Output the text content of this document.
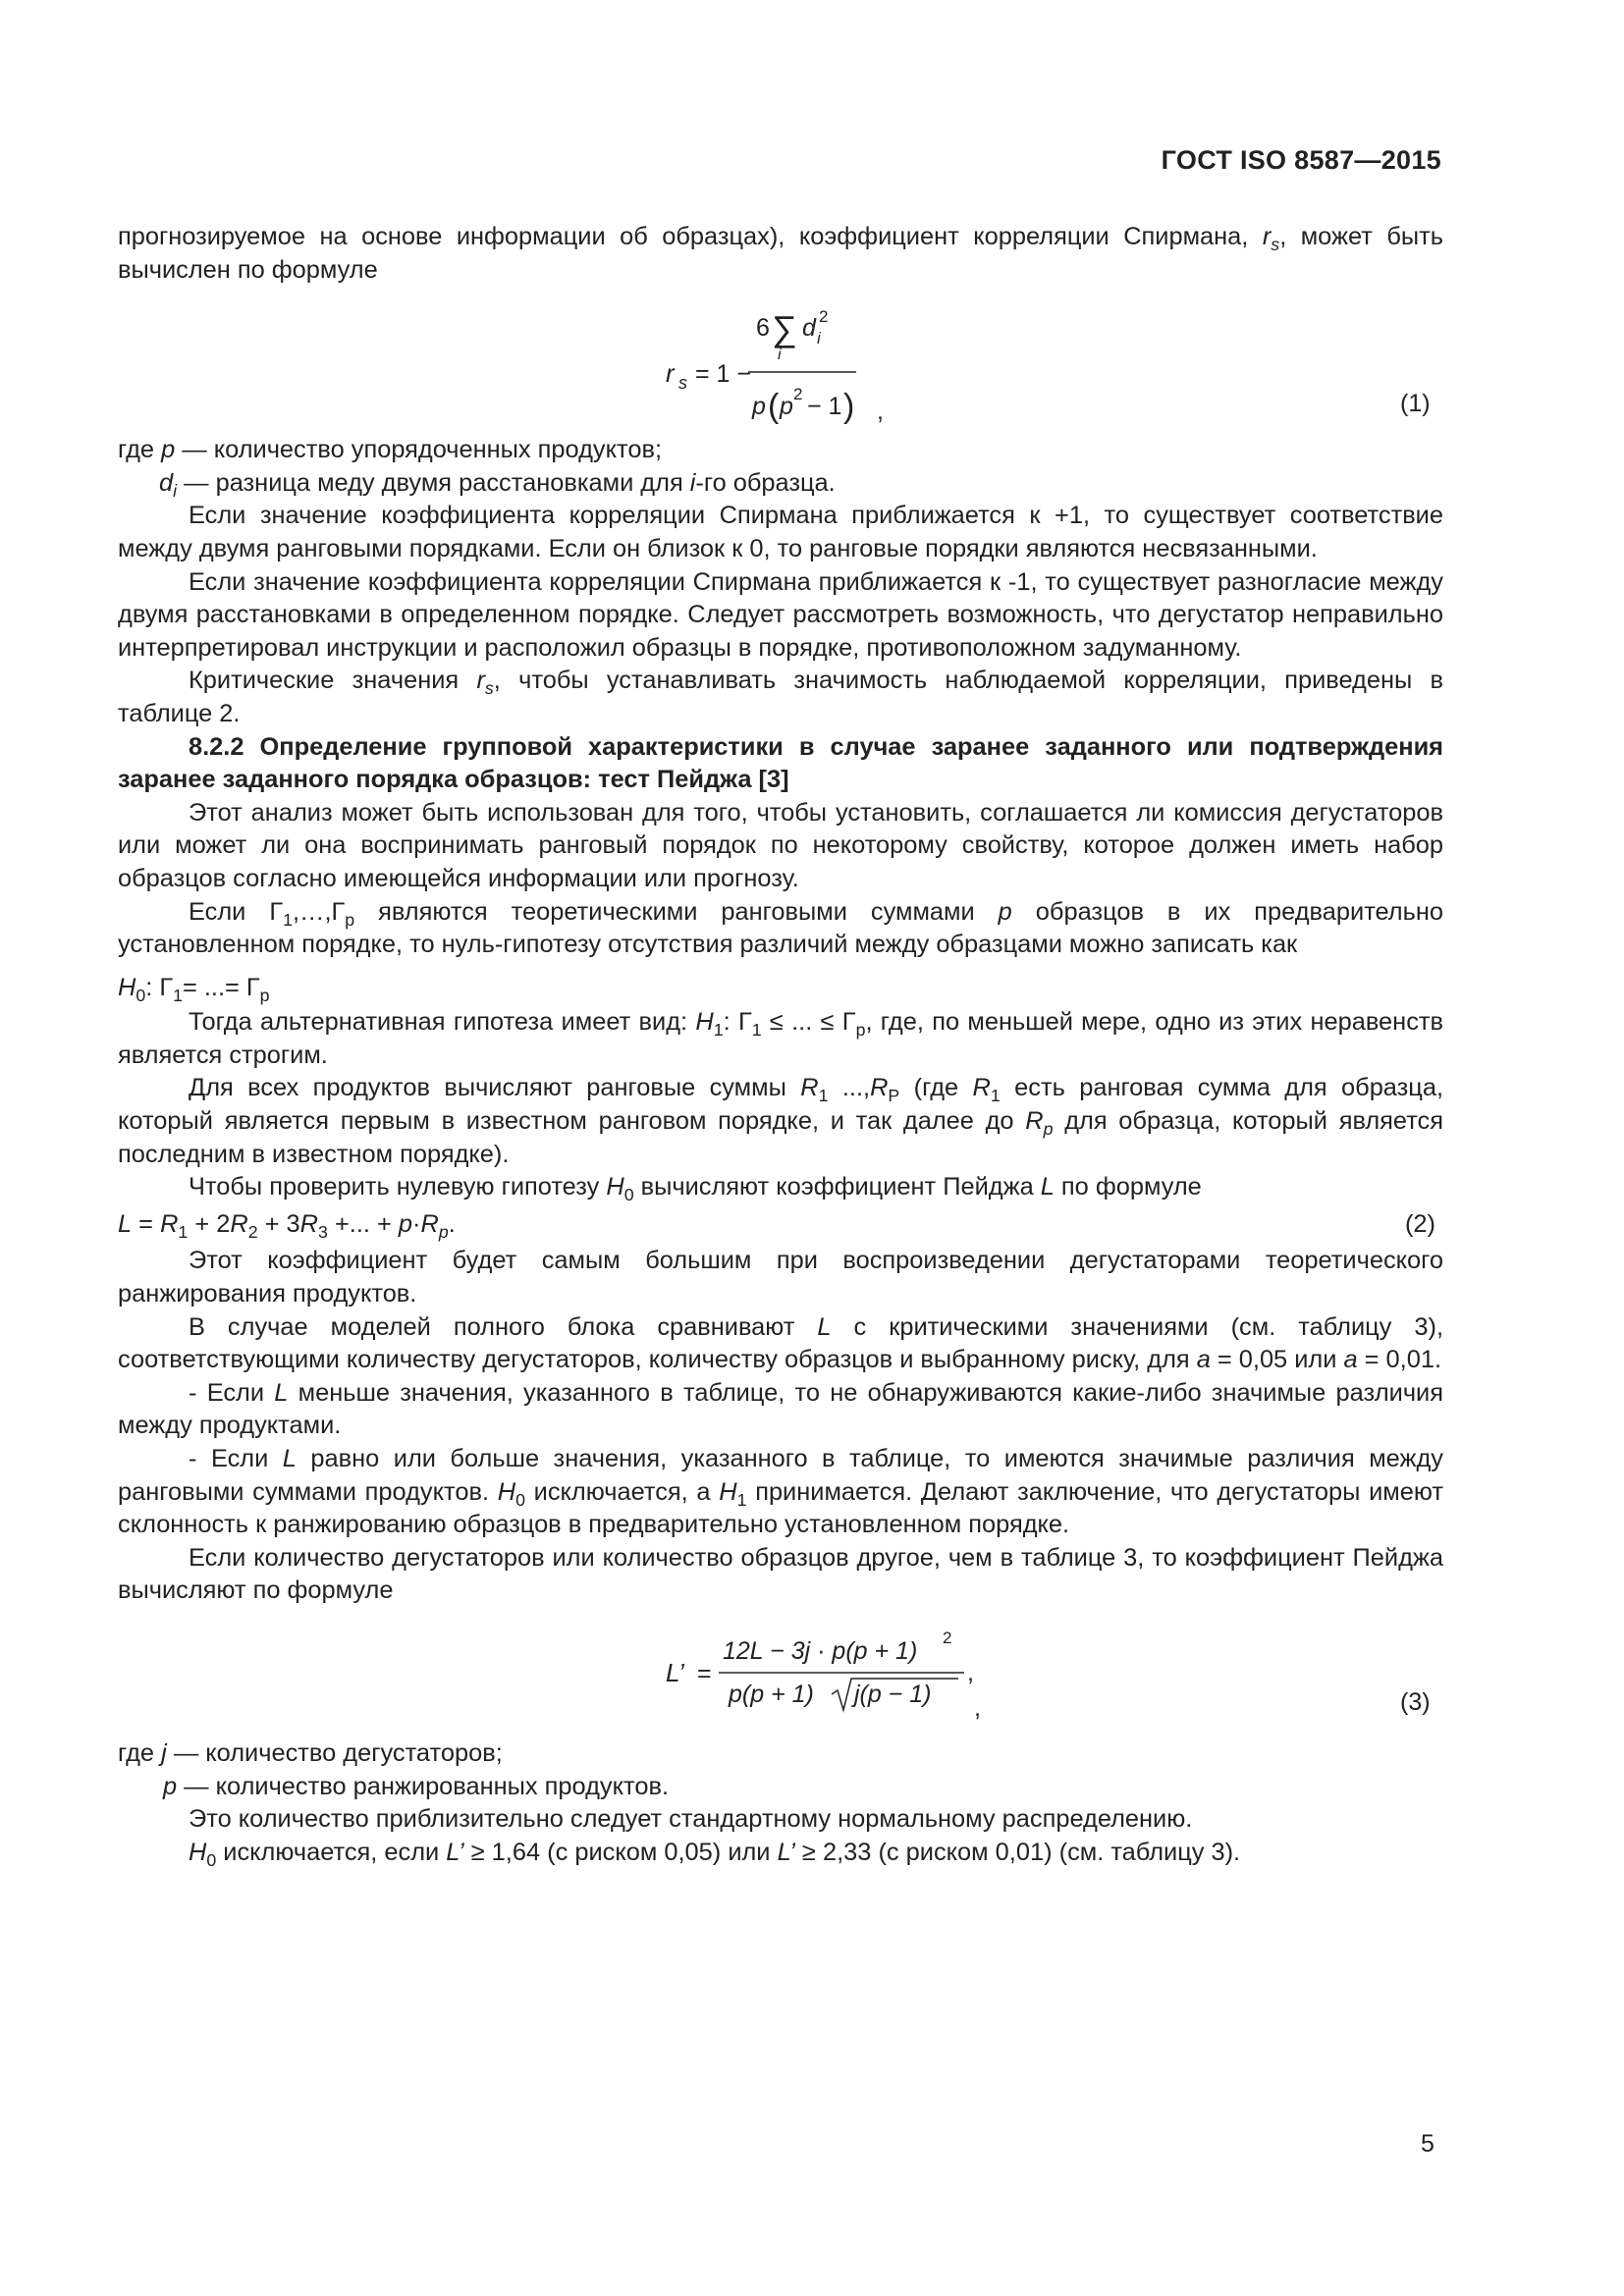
ГОСТ ISO 8587—2015

прогнозируемое на основе информации об образцах), коэффициент корреляции Спирмана, $r_s$, может быть вычислен по формуле

r s = 1 −
6 ∑
i
d i
2
p ( p 2 − 1 ) ,	(1)

где p — количество упорядоченных продуктов;

$d_i$ — разница меду двумя расстановками для i-го образца.

Если значение коэффициента корреляции Спирмана приближается к +1, то существует соответствие между двумя ранговыми порядками. Если он близок к 0, то ранговые порядки являются несвязанными.

Если значение коэффициента корреляции Спирмана приближается к -1, то существует разногласие между двумя расстановками в определенном порядке. Следует рассмотреть возможность, что дегустатор неправильно интерпретировал инструкции и расположил образцы в порядке, противоположном задуманному.

Критические значения $r_s$, чтобы устанавливать значимость наблюдаемой корреляции, приведены в таблице 2.

8.2.2 Определение групповой характеристики в случае заранее заданного или подтверждения заранее заданного порядка образцов: тест Пейджа [3]

Этот анализ может быть использован для того, чтобы установить, соглашается ли комиссия дегустаторов или может ли она воспринимать ранговый порядок по некоторому свойству, которое должен иметь набор образцов согласно имеющейся информации или прогнозу.

Если $Г_1,\dots,Г_p$ являются теоретическими ранговыми суммами p образцов в их предварительно установленном порядке, то нуль-гипотезу отсутствия различий между образцами можно записать как

$H_0$: $Г_1=$ ...= $Г_p$

Тогда альтернативная гипотеза имеет вид: $H_1$: $Г_1$ ≤ ... ≤ $Г_p$, где, по меньшей мере, одно из этих неравенств является строгим.

Для всех продуктов вычисляют ранговые суммы $R_1$ $...,R_P$ (где $R_1$ есть ранговая сумма для образца, который является первым в известном ранговом порядке, и так далее до $R_p$ для образца, который является последним в известном порядке).

Чтобы проверить нулевую гипотезу $H_0$ вычисляют коэффициент Пейджа L по формуле

$L = R_1 + 2R_2 + 3R_3$ +... + $p\cdot R_p$.	(2)

Этот коэффициент будет самым большим при воспроизведении дегустаторами теоретического ранжирования продуктов.

В случае моделей полного блока сравнивают L с критическими значениями (см. таблицу 3), соответствующими количеству дегустаторов, количеству образцов и выбранному риску, для a = 0,05 или a = 0,01.

- Если L меньше значения, указанного в таблице, то не обнаруживаются какие-либо значимые различия между продуктами.

- Если L равно или больше значения, указанного в таблице, то имеются значимые различия между ранговыми суммами продуктов. $H_0$ исключается, а $H_1$ принимается. Делают заключение, что дегустаторы имеют склонность к ранжированию образцов в предварительно установленном порядке.

Если количество дегустаторов или количество образцов другое, чем в таблице 3, то коэффициент Пейджа вычисляют по формуле

L’ =
12L − 3j · p(p + 1) 2
p(p + 1) j(p − 1)
,
,	(3)

где j — количество дегустаторов;

p — количество ранжированных продуктов.

Это количество приблизительно следует стандартному нормальному распределению.

$H_0$ исключается, если L’ ≥ 1,64 (с риском 0,05) или L’ ≥ 2,33 (с риском 0,01) (см. таблицу 3).

5
